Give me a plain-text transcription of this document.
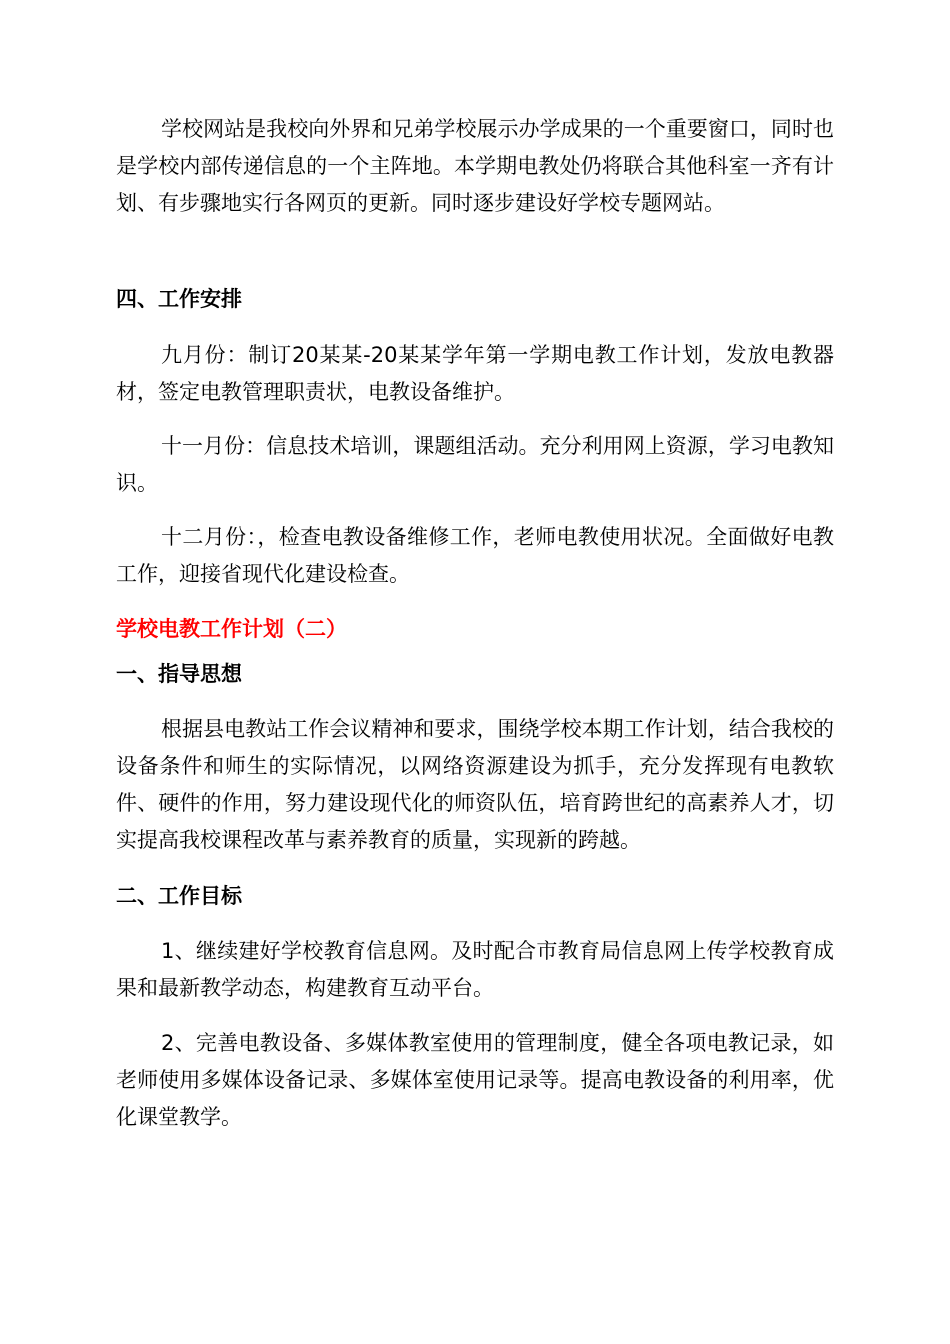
学校网站是我校向外界和兄弟学校展示办学成果的一个重要窗口，同时也是学校内部传递信息的一个主阵地。本学期电教处仍将联合其他科室一齐有计划、有步骤地实行各网页的更新。同时逐步建设好学校专题网站。

四、工作安排

九月份：制订20某某-20某某学年第一学期电教工作计划，发放电教器材，签定电教管理职责状，电教设备维护。

十一月份：信息技术培训，课题组活动。充分利用网上资源，学习电教知识。

十二月份：，检查电教设备维修工作，老师电教使用状况。全面做好电教工作，迎接省现代化建设检查。

学校电教工作计划（二）
一、指导思想

根据县电教站工作会议精神和要求，围绕学校本期工作计划，结合我校的设备条件和师生的实际情况，以网络资源建设为抓手，充分发挥现有电教软件、硬件的作用，努力建设现代化的师资队伍，培育跨世纪的高素养人才，切实提高我校课程改革与素养教育的质量，实现新的跨越。

二、工作目标

1、继续建好学校教育信息网。及时配合市教育局信息网上传学校教育成果和最新教学动态，构建教育互动平台。

2、完善电教设备、多媒体教室使用的管理制度，健全各项电教记录，如老师使用多媒体设备记录、多媒体室使用记录等。提高电教设备的利用率，优化课堂教学。
